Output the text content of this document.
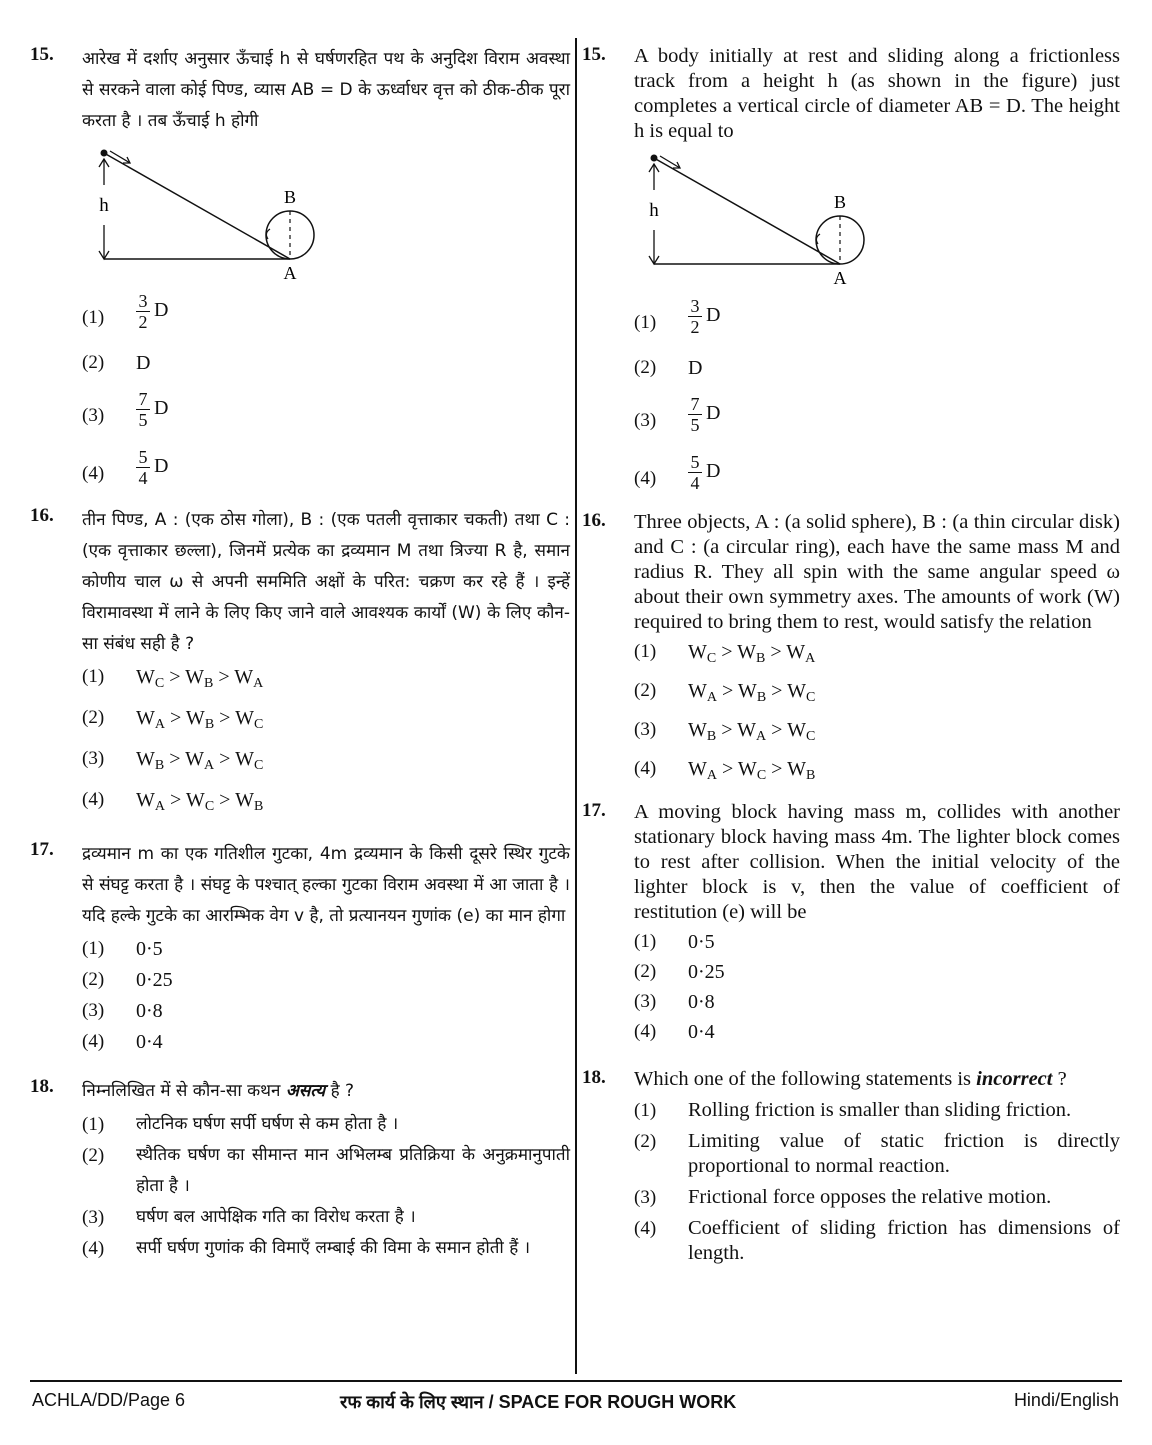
15. आरेख में दर्शाए अनुसार ऊँचाई h से घर्षणरहित पथ के अनुदिश विराम अवस्था से सरकने वाला कोई पिण्ड, व्यास AB = D के ऊर्ध्वाधर वृत्त को ठीक-ठीक पूरा करता है । तब ऊँचाई h होगी
h	B
A
$(1) \frac{3}{2}$ D
(2) D
$(3) \frac{7}{5}$ D
$(4) \frac{5}{4}$ D
16. तीन पिण्ड, A : (एक ठोस गोला), B : (एक पतली वृत्ताकार चकती) तथा C : (एक वृत्ताकार छल्ला), जिनमें प्रत्येक का द्रव्यमान M तथा त्रिज्या R है, समान कोणीय चाल ω से अपनी सममिति अक्षों के परित: चक्रण कर रहे हैं । इन्हें विरामावस्था में लाने के लिए किए जाने वाले आवश्यक कार्यों (W) के लिए कौन-सा संबंध सही है ?
(1) $W_C > W_B > W_A$
(2) $W_A > W_B > W_C$
(3) $W_B > W_A > W_C$
(4) $W_A > W_C > W_B$
17. द्रव्यमान m का एक गतिशील गुटका, 4m द्रव्यमान के किसी दूसरे स्थिर गुटके से संघट्ट करता है । संघट्ट के पश्चात् हल्का गुटका विराम अवस्था में आ जाता है । यदि हल्के गुटके का आरम्भिक वेग v है, तो प्रत्यानयन गुणांक (e) का मान होगा
(1) 0·5
(2) 0·25
(3) 0·8
(4) 0·4
18. निम्नलिखित में से कौन-सा कथन असत्य है ?
(1) लोटनिक घर्षण सर्पी घर्षण से कम होता है ।
(2) स्थैतिक घर्षण का सीमान्त मान अभिलम्ब प्रतिक्रिया के अनुक्रमानुपाती होता है ।
(3) घर्षण बल आपेक्षिक गति का विरोध करता है ।
(4) सर्पी घर्षण गुणांक की विमाएँ लम्बाई की विमा के समान होती हैं ।
15. A body initially at rest and sliding along a frictionless track from a height h (as shown in the figure) just completes a vertical circle of diameter AB = D. The height h is equal to
h	B
A
$(1) \frac{3}{2}$ D
(2) D
$(3) \frac{7}{5}$ D
$(4) \frac{5}{4}$ D
16. Three objects, A : (a solid sphere), B : (a thin circular disk) and C : (a circular ring), each have the same mass M and radius R. They all spin with the same angular speed ω about their own symmetry axes. The amounts of work (W) required to bring them to rest, would satisfy the relation
(1) $W_C > W_B > W_A$
(2) $W_A > W_B > W_C$
(3) $W_B > W_A > W_C$
(4) $W_A > W_C > W_B$
17. A moving block having mass m, collides with another stationary block having mass 4m. The lighter block comes to rest after collision. When the initial velocity of the lighter block is v, then the value of coefficient of restitution (e) will be
(1) 0·5
(2) 0·25
(3) 0·8
(4) 0·4
18. Which one of the following statements is incorrect ?
(1) Rolling friction is smaller than sliding friction.
(2) Limiting value of static friction is directly proportional to normal reaction.
(3) Frictional force opposes the relative motion.
(4) Coefficient of sliding friction has dimensions of length.
ACHLA/DD/Page 6	रफ कार्य के लिए स्थान / SPACE FOR ROUGH WORK	Hindi/English
